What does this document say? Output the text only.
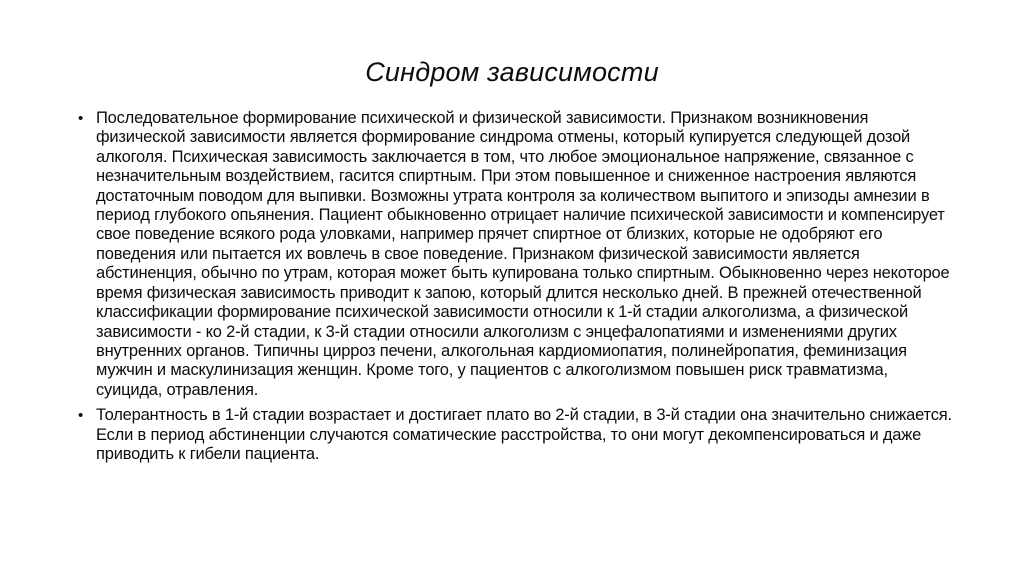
Синдром зависимости
• Последовательное формирование психической и физической зависимости. Признаком возникновения физической зависимости является формирование синдрома отмены, который купируется следующей дозой алкоголя. Психическая зависимость заключается в том, что любое эмоциональное напряжение, связанное с незначительным воздействием, гасится спиртным. При этом повышенное и сниженное настроения являются достаточным поводом для выпивки. Возможны утрата контроля за количеством выпитого и эпизоды амнезии в период глубокого опьянения. Пациент обыкновенно отрицает наличие психической зависимости и компенсирует свое поведение всякого рода уловками, например прячет спиртное от близких, которые не одобряют его поведения или пытается их вовлечь в свое поведение. Признаком физической зависимости является абстиненция, обычно по утрам, которая может быть купирована только спиртным. Обыкновенно через некоторое время физическая зависимость приводит к запою, который длится несколько дней. В прежней отечественной классификации формирование психической зависимости относили к 1-й стадии алкоголизма, а физической зависимости - ко 2-й стадии, к 3-й стадии относили алкоголизм с энцефалопатиями и изменениями других внутренних органов. Типичны цирроз печени, алкогольная кардиомиопатия, полинейропатия, феминизация мужчин и маскулинизация женщин. Кроме того, у пациентов с алкоголизмом повышен риск травматизма, суицида, отравления.
• Толерантность в 1-й стадии возрастает и достигает плато во 2-й стадии, в 3-й стадии она значительно снижается. Если в период абстиненции случаются соматические расстройства, то они могут декомпенсироваться и даже приводить к гибели пациента.
